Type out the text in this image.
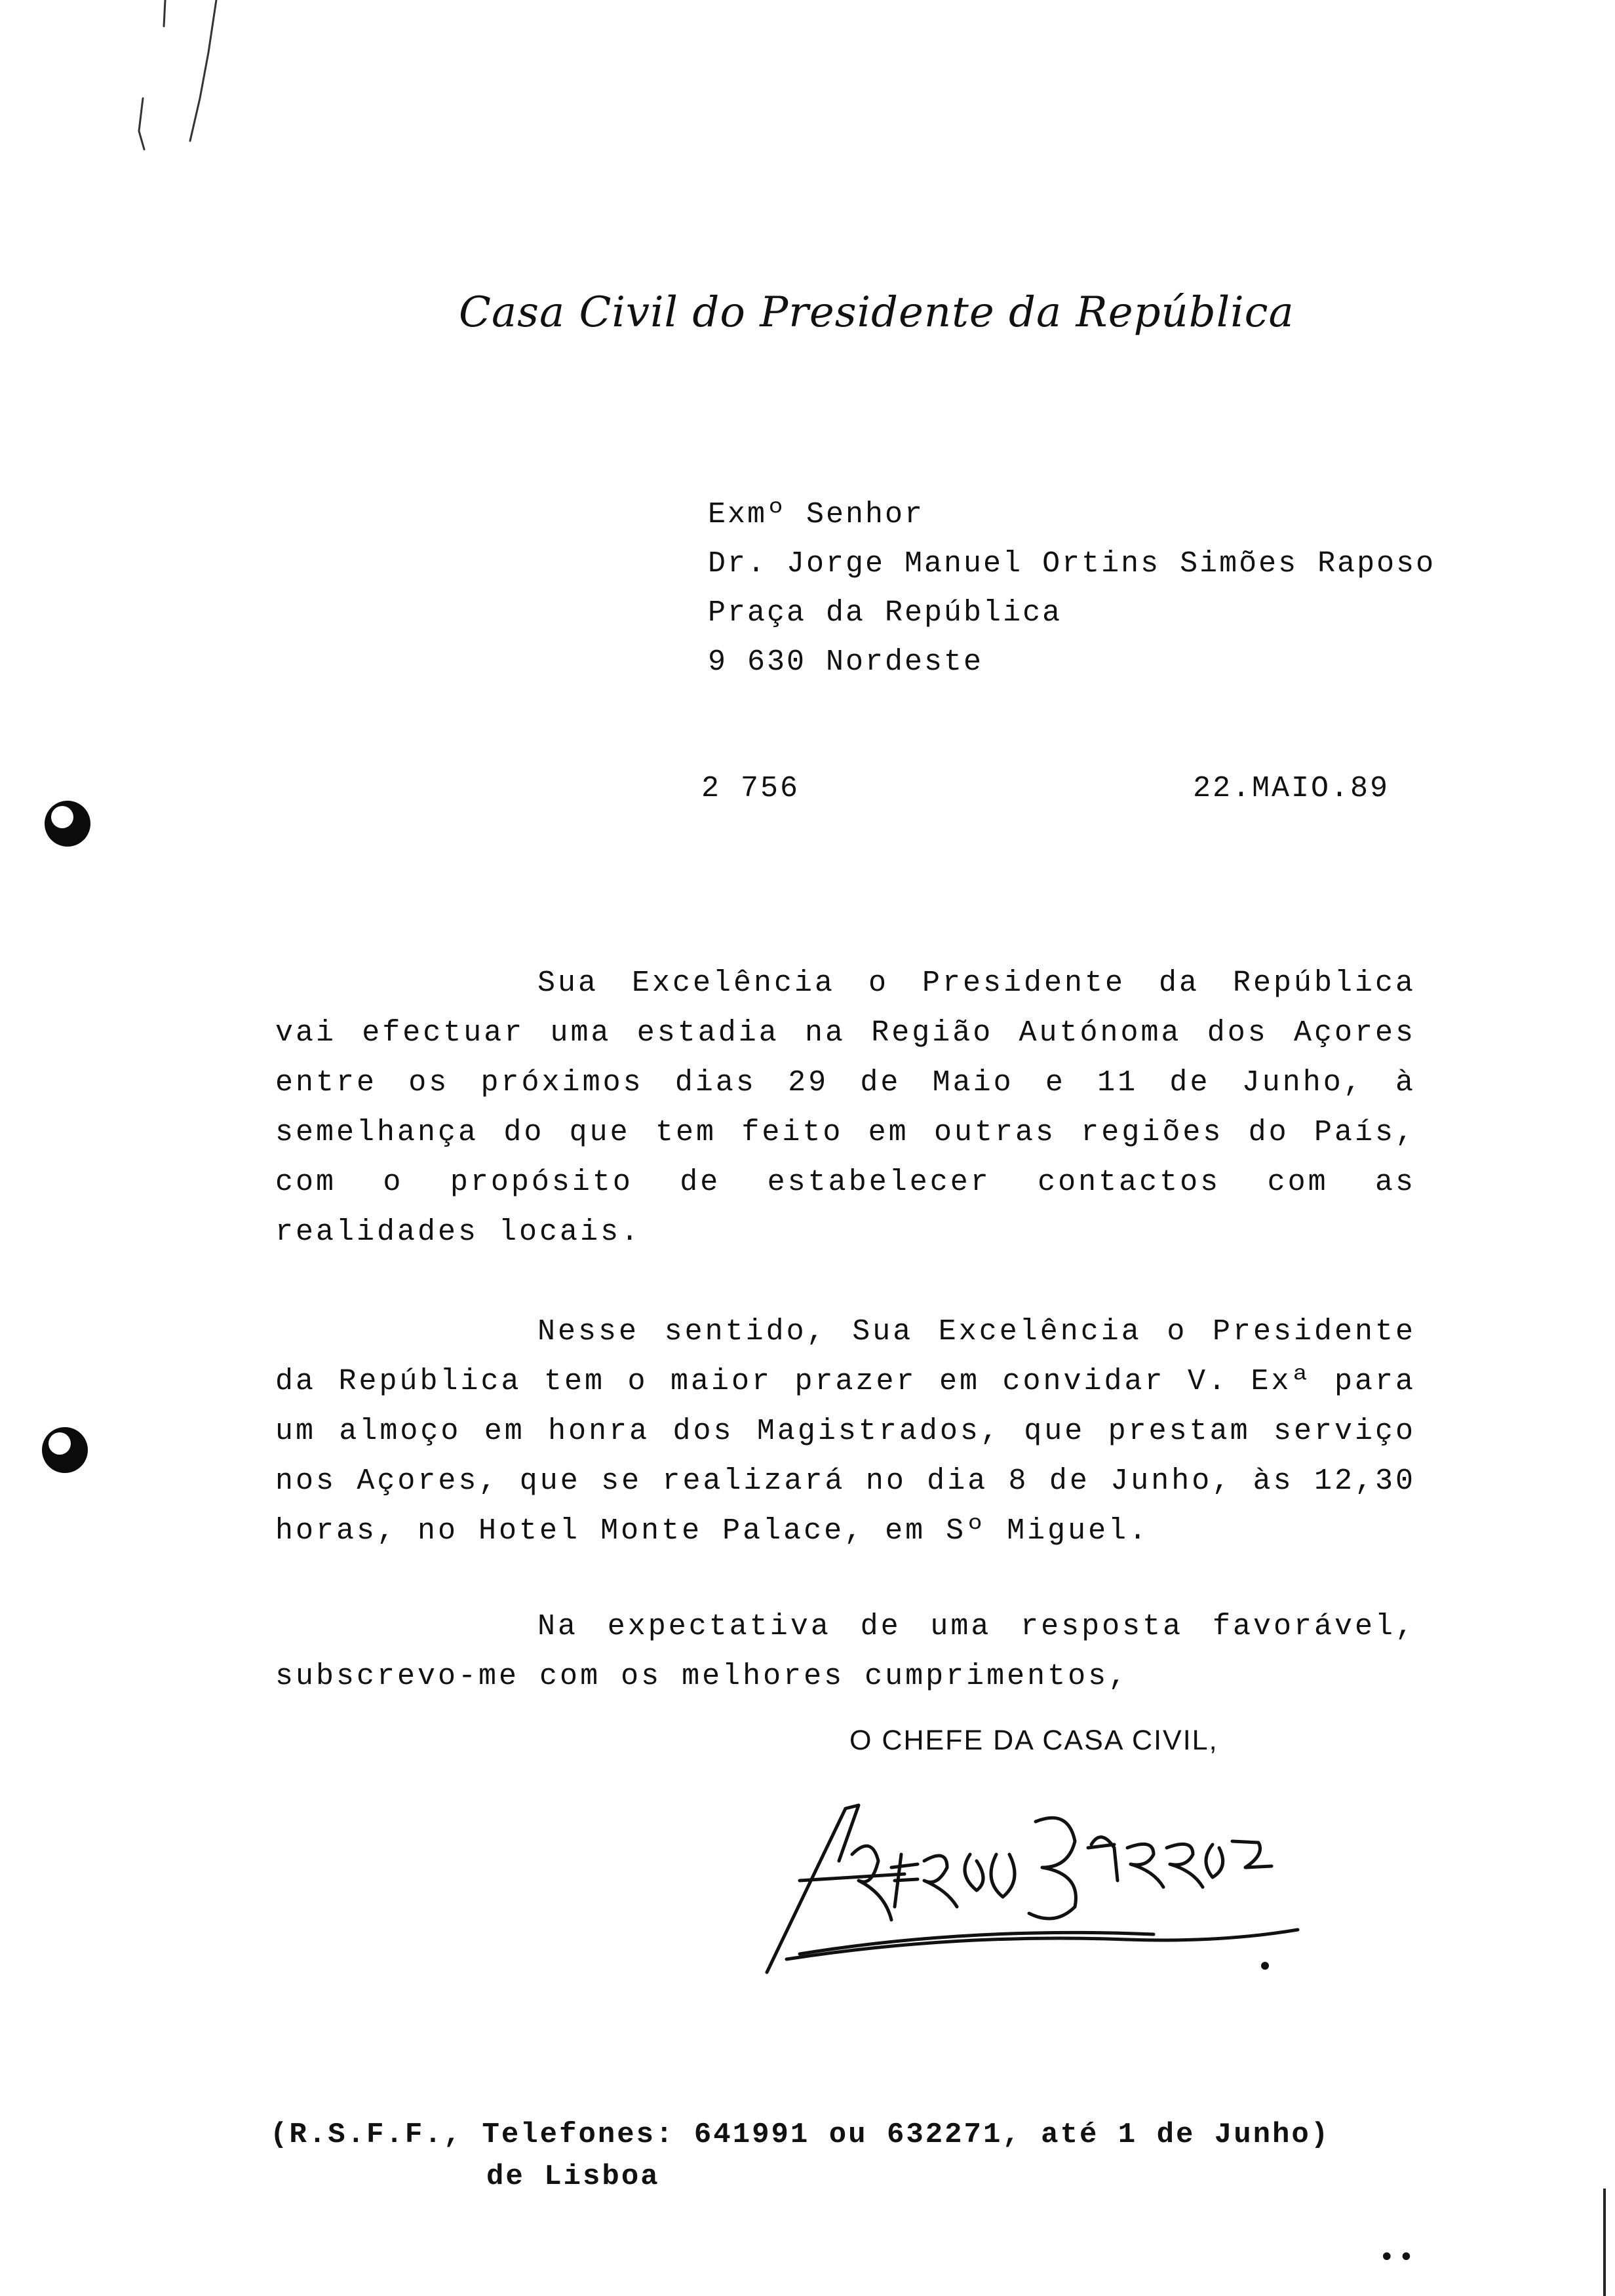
••
Casa Civil do Presidente da República
Exmº Senhor
Dr. Jorge Manuel Ortins Simões Raposo
Praça da República
9 630 Nordeste
2 756	22.MAIO.89

Sua Excelência o Presidente da República vai efectuar uma estadia na Região Autónoma dos Açores entre os próximos dias 29 de Maio e 11 de Junho, à semelhança do que tem feito em outras regiões do País, com o propósito de estabelecer contactos com as realidades locais.

Nesse sentido, Sua Excelência o Presidente da República tem o maior prazer em convidar V. Exª para um almoço em honra dos Magistrados, que prestam serviço nos Açores, que se realizará no dia 8 de Junho, às 12,30 horas, no Hotel Monte Palace, em Sº Miguel.

Na expectativa de uma resposta favorável, subscrevo-me com os melhores cumprimentos,

O CHEFE DA CASA CIVIL,
(R.S.F.F., Telefones: 641991 ou 632271, até 1 de Junho)
de Lisboa
